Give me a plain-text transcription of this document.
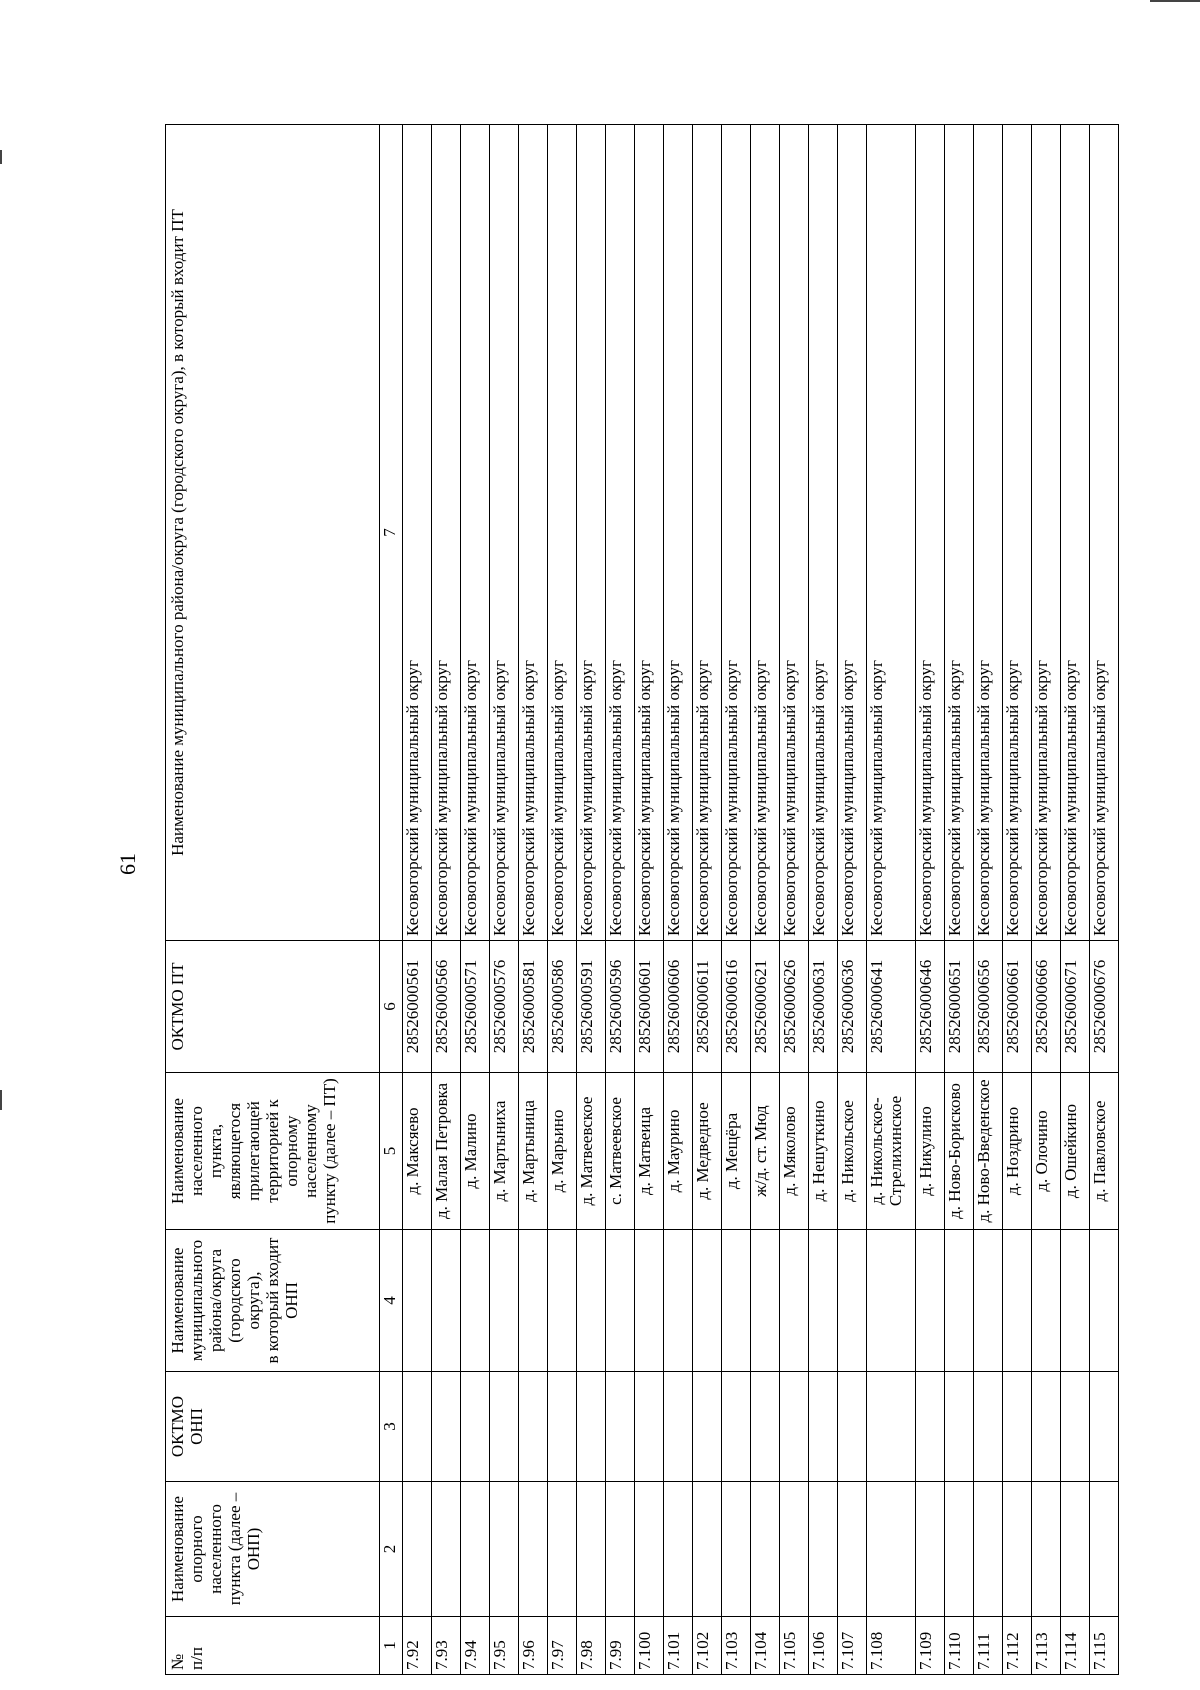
61
№
п/п	Наименование опорного населенного пункта (далее – ОНП)	ОКТМО ОНП	Наименование муниципального района/округа (городского округа),
в который входит ОНП	Наименование населенного пункта, являющегося прилегающей территорией к опорному населенному пункту (далее – ПТ)	ОКТМО ПТ	Наименование муниципального района/округа (городского округа), в который входит ПТ
1	2	3	4	5	6	7
7.92				д. Максяево	28526000561	Кесовогорский муниципальный округ
7.93				д. Малая Петровка	28526000566	Кесовогорский муниципальный округ
7.94				д. Малино	28526000571	Кесовогорский муниципальный округ
7.95				д. Мартыниха	28526000576	Кесовогорский муниципальный округ
7.96				д. Мартыница	28526000581	Кесовогорский муниципальный округ
7.97				д. Марьино	28526000586	Кесовогорский муниципальный округ
7.98				д. Матвеевское	28526000591	Кесовогорский муниципальный округ
7.99				с. Матвеевское	28526000596	Кесовогорский муниципальный округ
7.100				д. Матвеица	28526000601	Кесовогорский муниципальный округ
7.101				д. Маурино	28526000606	Кесовогорский муниципальный округ
7.102				д. Медведное	28526000611	Кесовогорский муниципальный округ
7.103				д. Мещёра	28526000616	Кесовогорский муниципальный округ
7.104				ж/д. ст. Мюд	28526000621	Кесовогорский муниципальный округ
7.105				д. Мяколово	28526000626	Кесовогорский муниципальный округ
7.106				д. Нешуткино	28526000631	Кесовогорский муниципальный округ
7.107				д. Никольское	28526000636	Кесовогорский муниципальный округ
7.108				д. Никольское-
Стрелихинское	28526000641	Кесовогорский муниципальный округ
7.109				д. Никулино	28526000646	Кесовогорский муниципальный округ
7.110				д. Ново-Борисково	28526000651	Кесовогорский муниципальный округ
7.111				д. Ново-Введенское	28526000656	Кесовогорский муниципальный округ
7.112				д. Ноздрино	28526000661	Кесовогорский муниципальный округ
7.113				д. Олочино	28526000666	Кесовогорский муниципальный округ
7.114				д. Ошейкино	28526000671	Кесовогорский муниципальный округ
7.115				д. Павловское	28526000676	Кесовогорский муниципальный округ
